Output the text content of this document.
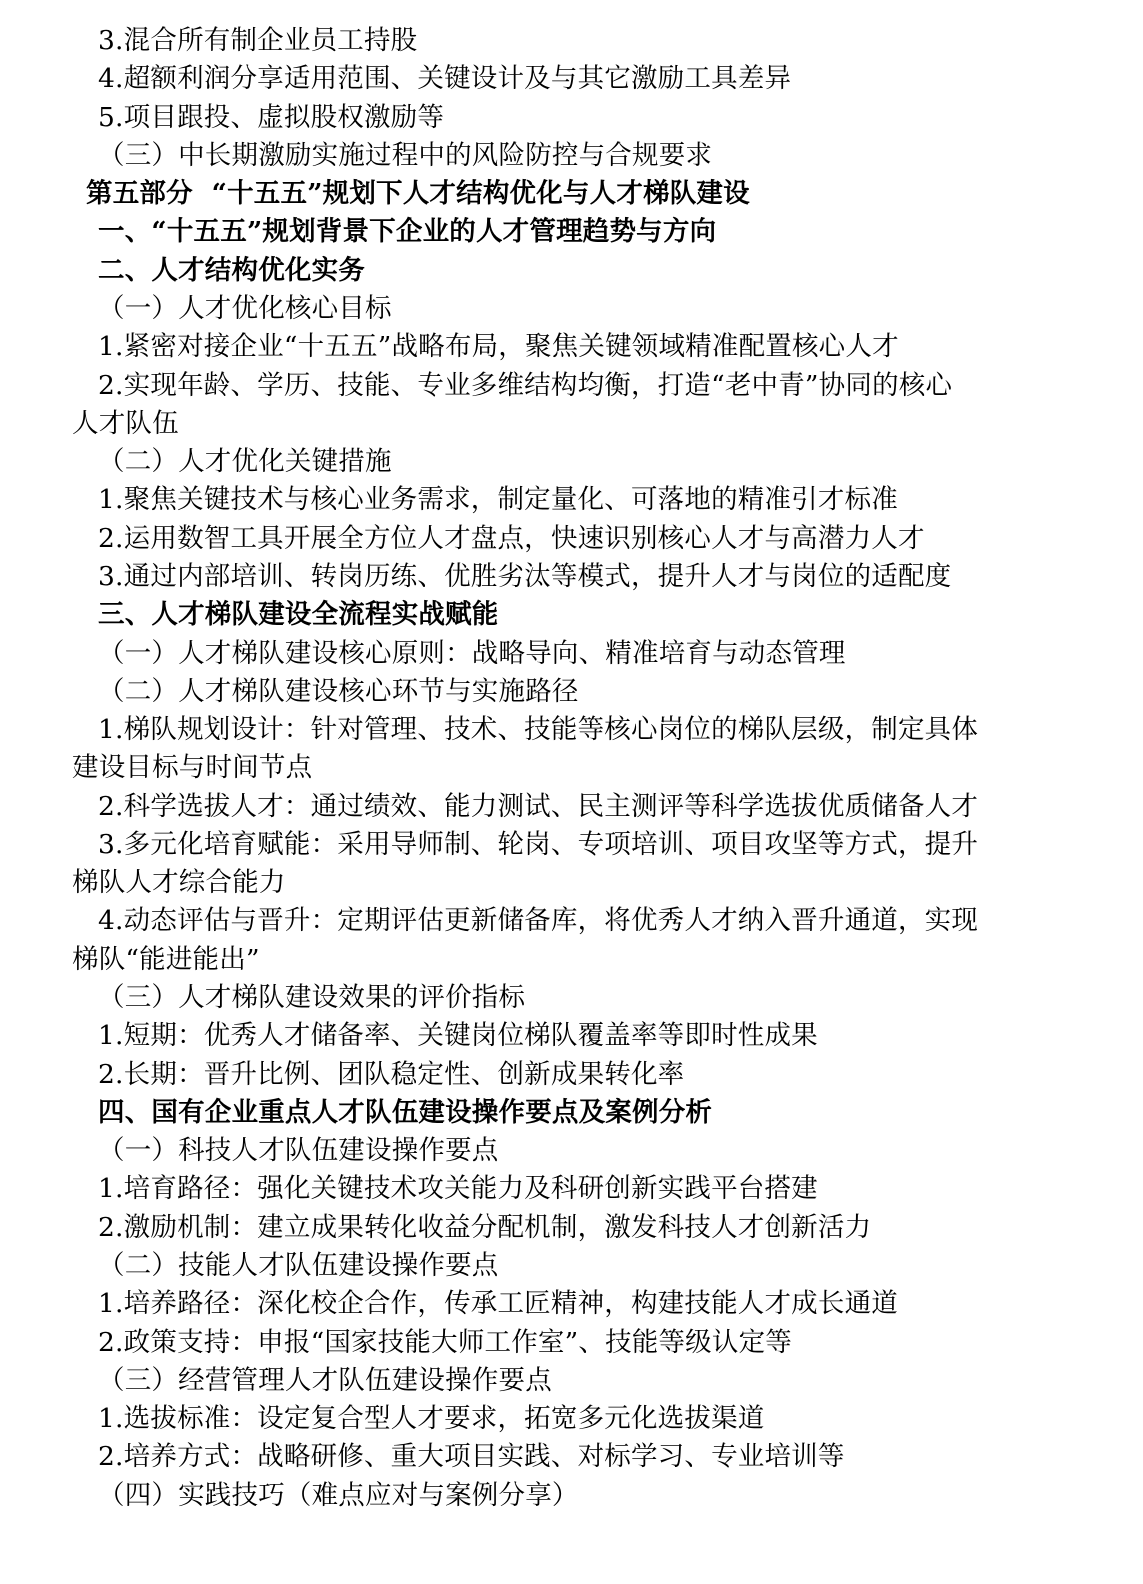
3.混合所有制企业员工持股

4.超额利润分享适用范围、关键设计及与其它激励工具差异

5.项目跟投、虚拟股权激励等

（三）中长期激励实施过程中的风险防控与合规要求

第五部分  “十五五”规划下人才结构优化与人才梯队建设

一、“十五五”规划背景下企业的人才管理趋势与方向

二、人才结构优化实务

（一）人才优化核心目标

1.紧密对接企业“十五五”战略布局，聚焦关键领域精准配置核心人才

2.实现年龄、学历、技能、专业多维结构均衡，打造“老中青”协同的核心

人才队伍

（二）人才优化关键措施

1.聚焦关键技术与核心业务需求，制定量化、可落地的精准引才标准

2.运用数智工具开展全方位人才盘点，快速识别核心人才与高潜力人才

3.通过内部培训、转岗历练、优胜劣汰等模式，提升人才与岗位的适配度

三、人才梯队建设全流程实战赋能

（一）人才梯队建设核心原则：战略导向、精准培育与动态管理

（二）人才梯队建设核心环节与实施路径

1.梯队规划设计：针对管理、技术、技能等核心岗位的梯队层级，制定具体

建设目标与时间节点

2.科学选拔人才：通过绩效、能力测试、民主测评等科学选拔优质储备人才

3.多元化培育赋能：采用导师制、轮岗、专项培训、项目攻坚等方式，提升

梯队人才综合能力

4.动态评估与晋升：定期评估更新储备库，将优秀人才纳入晋升通道，实现

梯队“能进能出”

（三）人才梯队建设效果的评价指标

1.短期：优秀人才储备率、关键岗位梯队覆盖率等即时性成果

2.长期：晋升比例、团队稳定性、创新成果转化率

四、国有企业重点人才队伍建设操作要点及案例分析

（一）科技人才队伍建设操作要点

1.培育路径：强化关键技术攻关能力及科研创新实践平台搭建

2.激励机制：建立成果转化收益分配机制，激发科技人才创新活力

（二）技能人才队伍建设操作要点

1.培养路径：深化校企合作，传承工匠精神，构建技能人才成长通道

2.政策支持：申报“国家技能大师工作室”、技能等级认定等

（三）经营管理人才队伍建设操作要点

1.选拔标准：设定复合型人才要求，拓宽多元化选拔渠道

2.培养方式：战略研修、重大项目实践、对标学习、专业培训等

（四）实践技巧（难点应对与案例分享）
